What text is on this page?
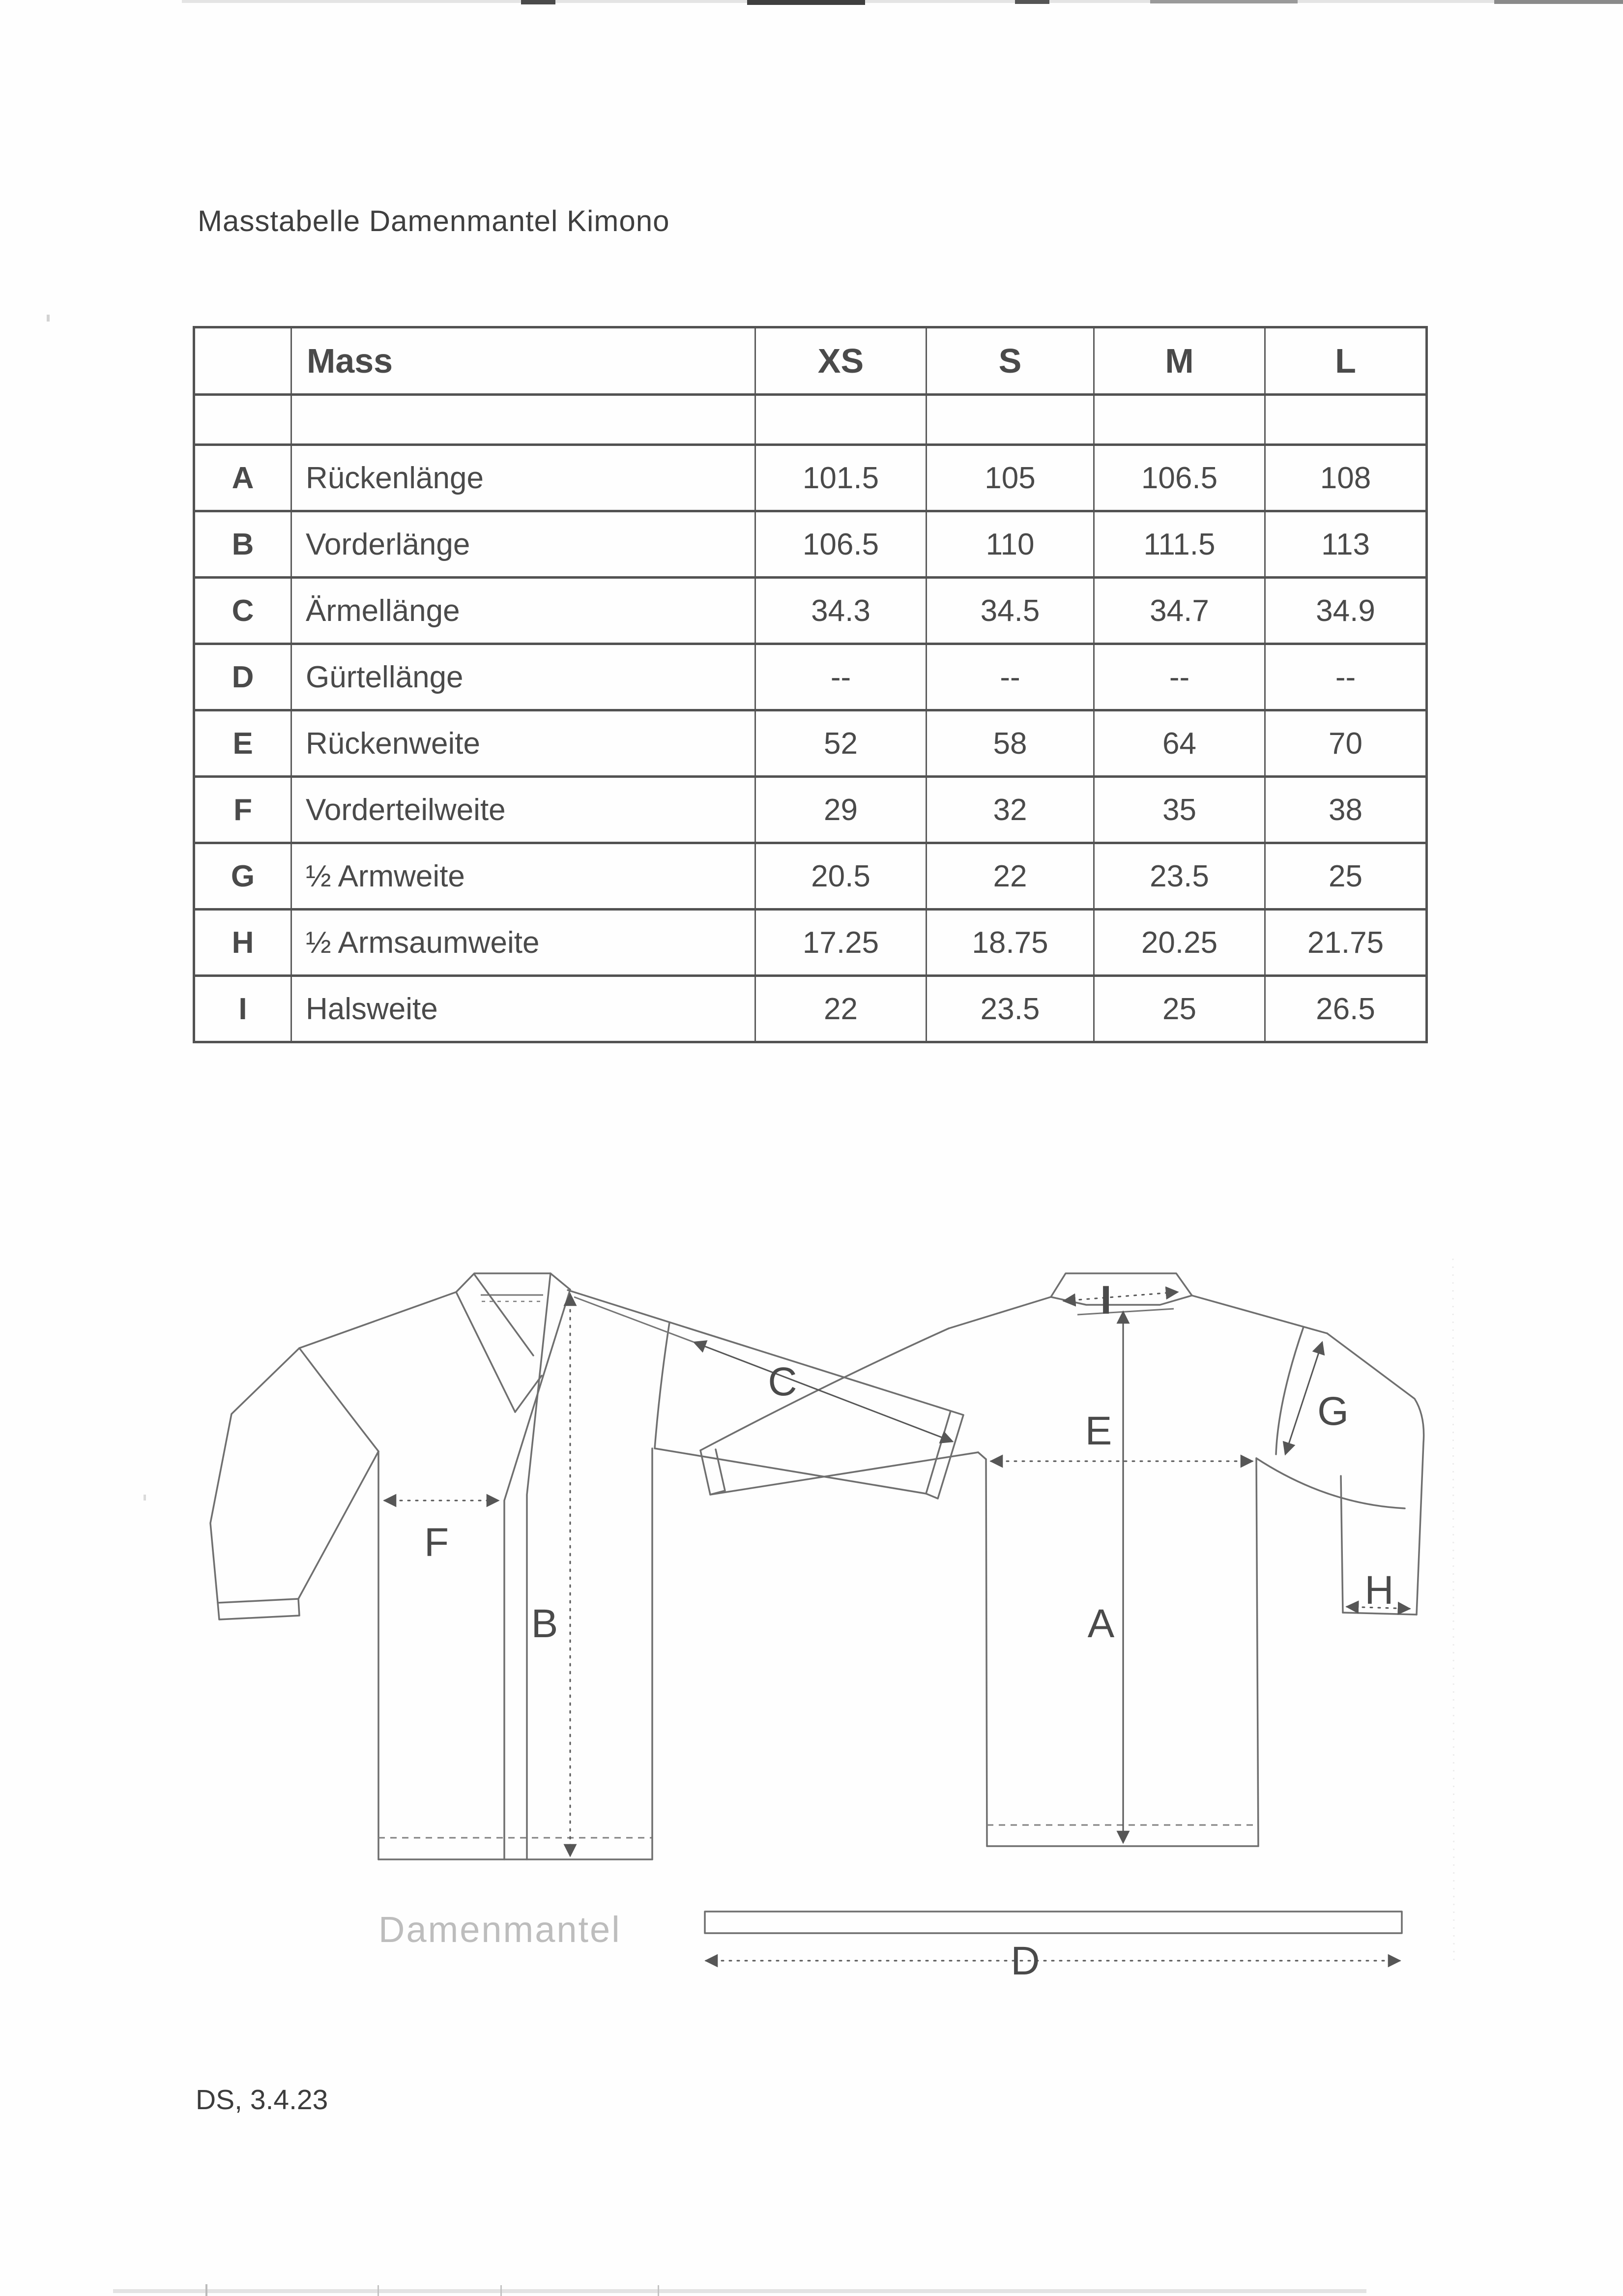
Masstabelle Damenmantel Kimono
	Mass	XS	S	M	L

A	Rückenlänge	101.5	105	106.5	108
B	Vorderlänge	106.5	110	111.5	113
C	Ärmellänge	34.3	34.5	34.7	34.9
D	Gürtellänge	--	--	--	--
E	Rückenweite	52	58	64	70
F	Vorderteilweite	29	32	35	38
G	½ Armweite	20.5	22	23.5	25
H	½ Armsaumweite	17.25	18.75	20.25	21.75
I	Halsweite	22	23.5	25	26.5
F
B
C
E
A
G
H
I
D
Damenmantel
DS, 3.4.23
